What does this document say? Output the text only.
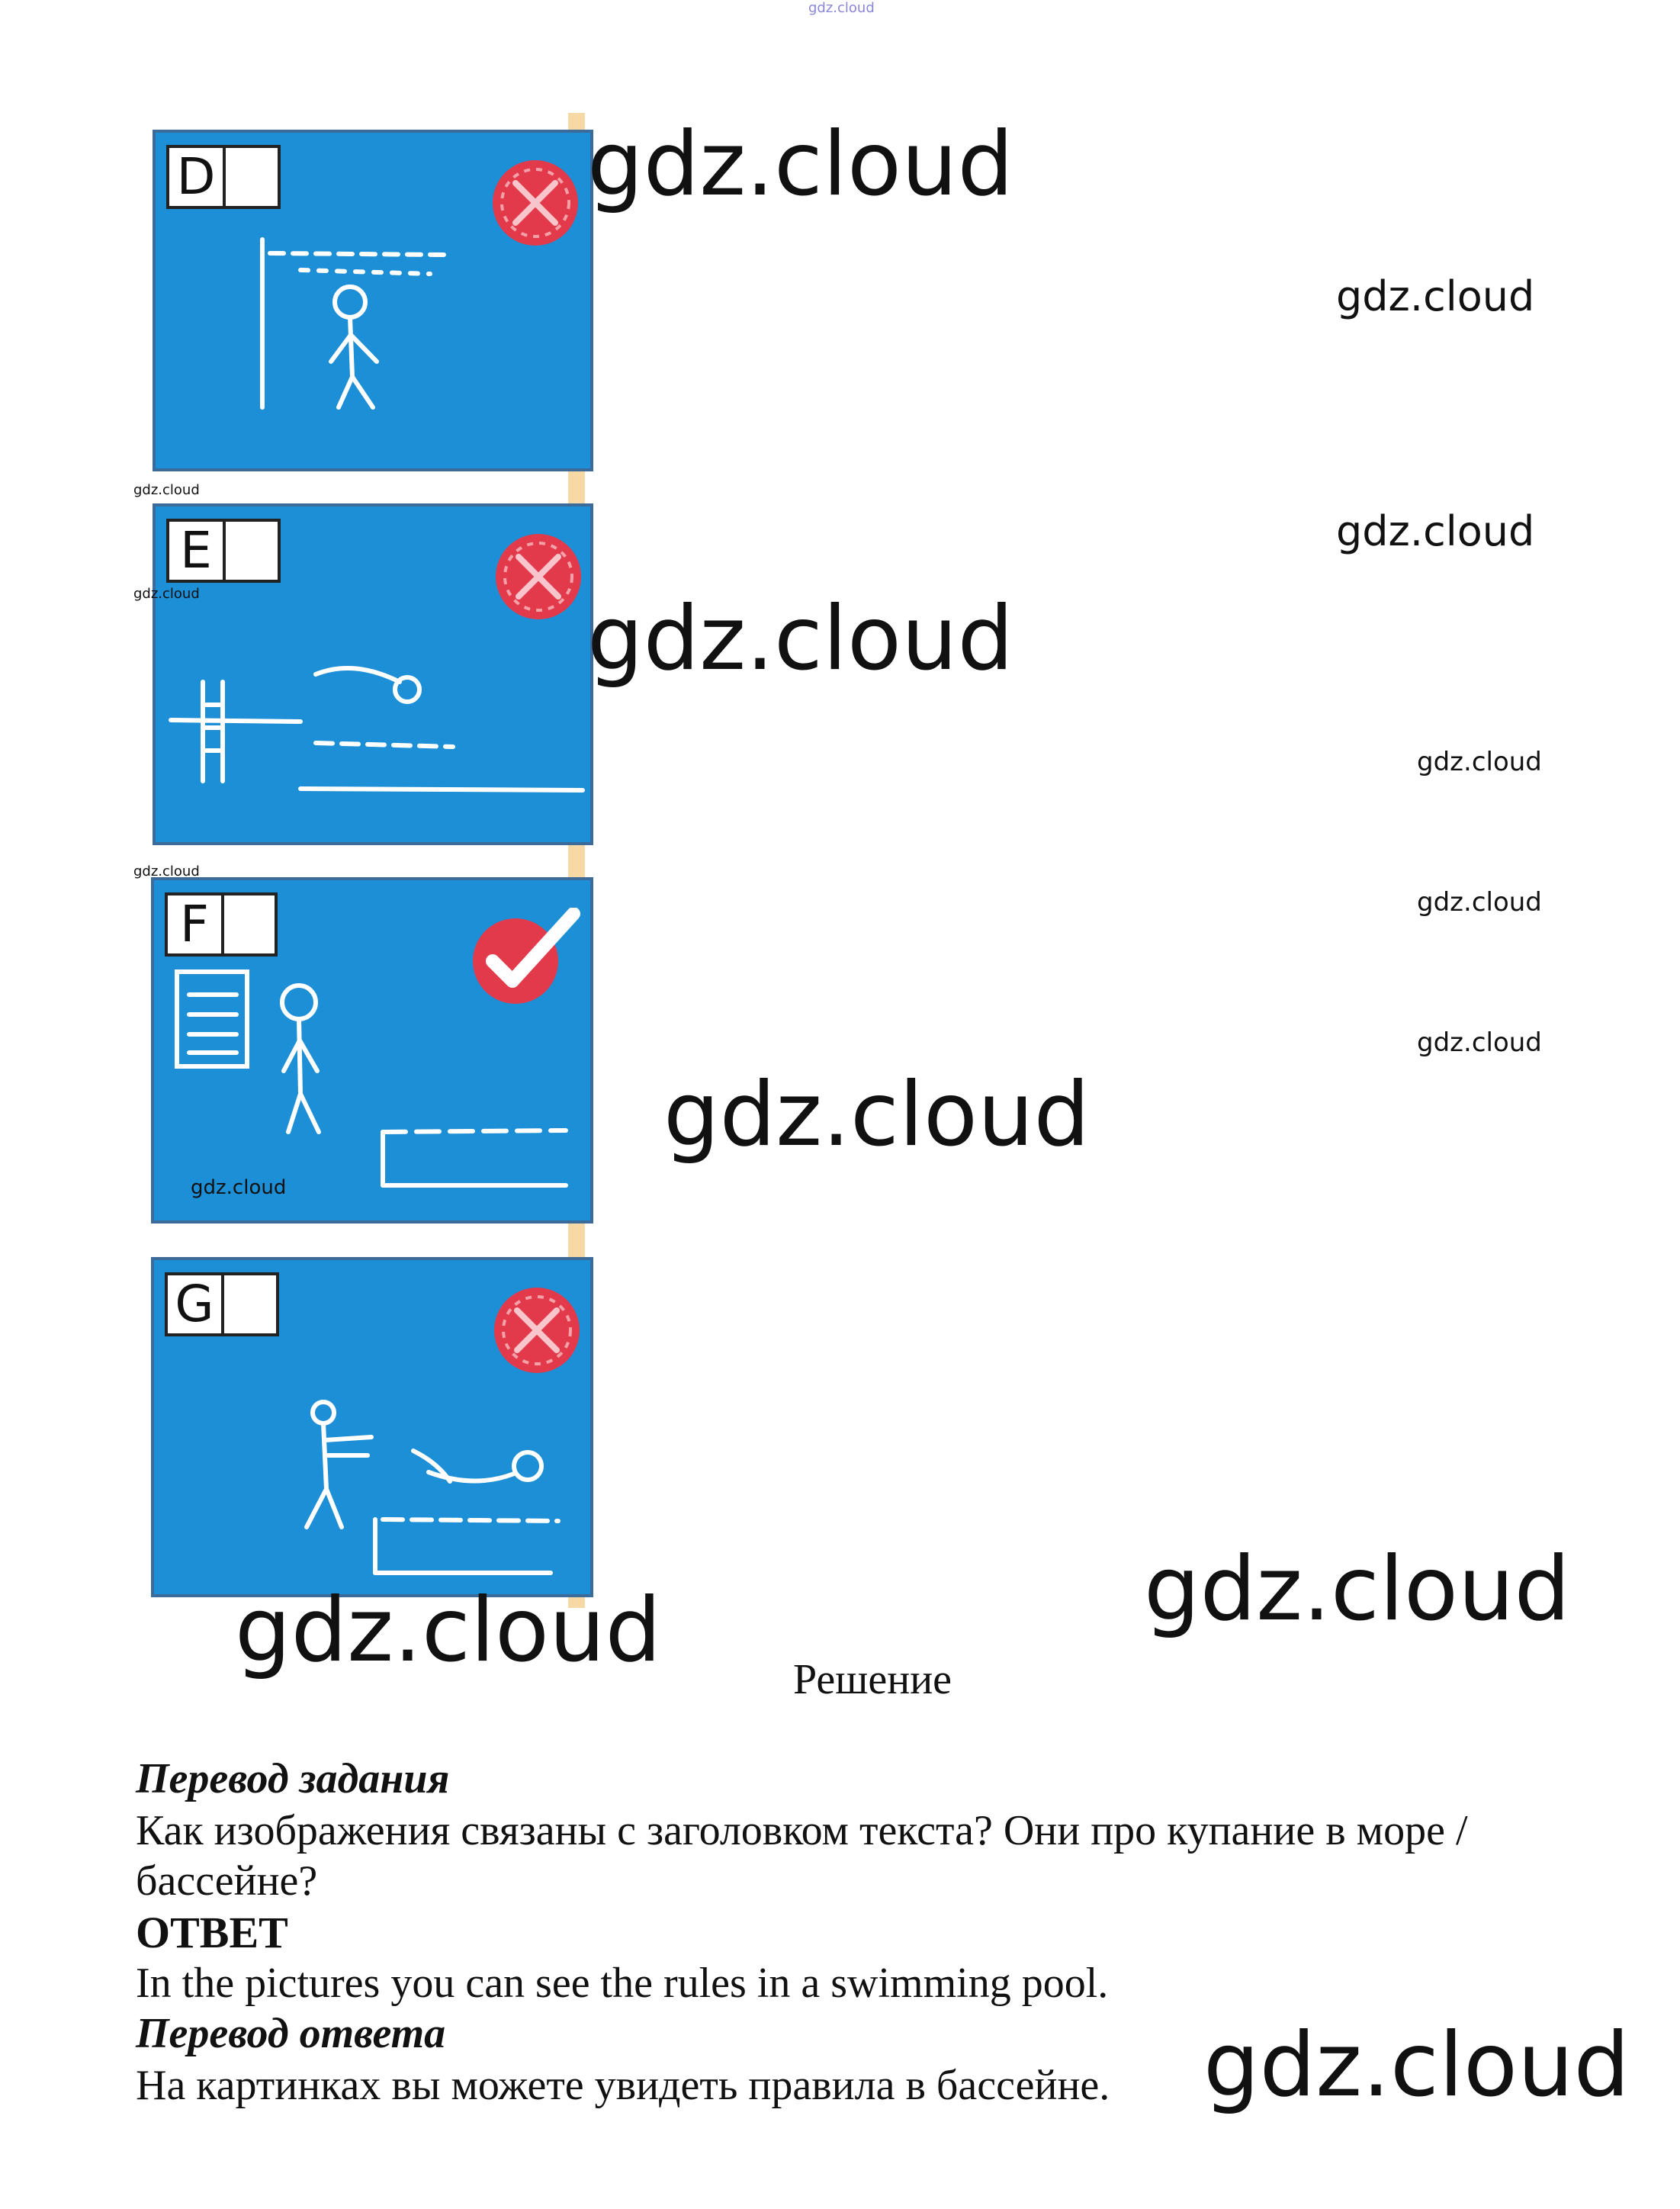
gdz.cloud
D
E
F
G
gdz.cloud
gdz.cloud
gdz.cloud
gdz.cloud
gdz.cloud	gdz.cloud
gdz.cloud
gdz.cloud
gdz.cloud
gdz.cloud
gdz.cloud
gdz.cloud
gdz.cloud
gdz.cloud
gdz.cloud
Решение
Перевод задания
Как изображения связаны с заголовком текста? Они про купание в море /
бассейне?
ОТВЕТ
In the pictures you can see the rules in a swimming pool.
Перевод ответа
На картинках вы можете увидеть правила в бассейне.
